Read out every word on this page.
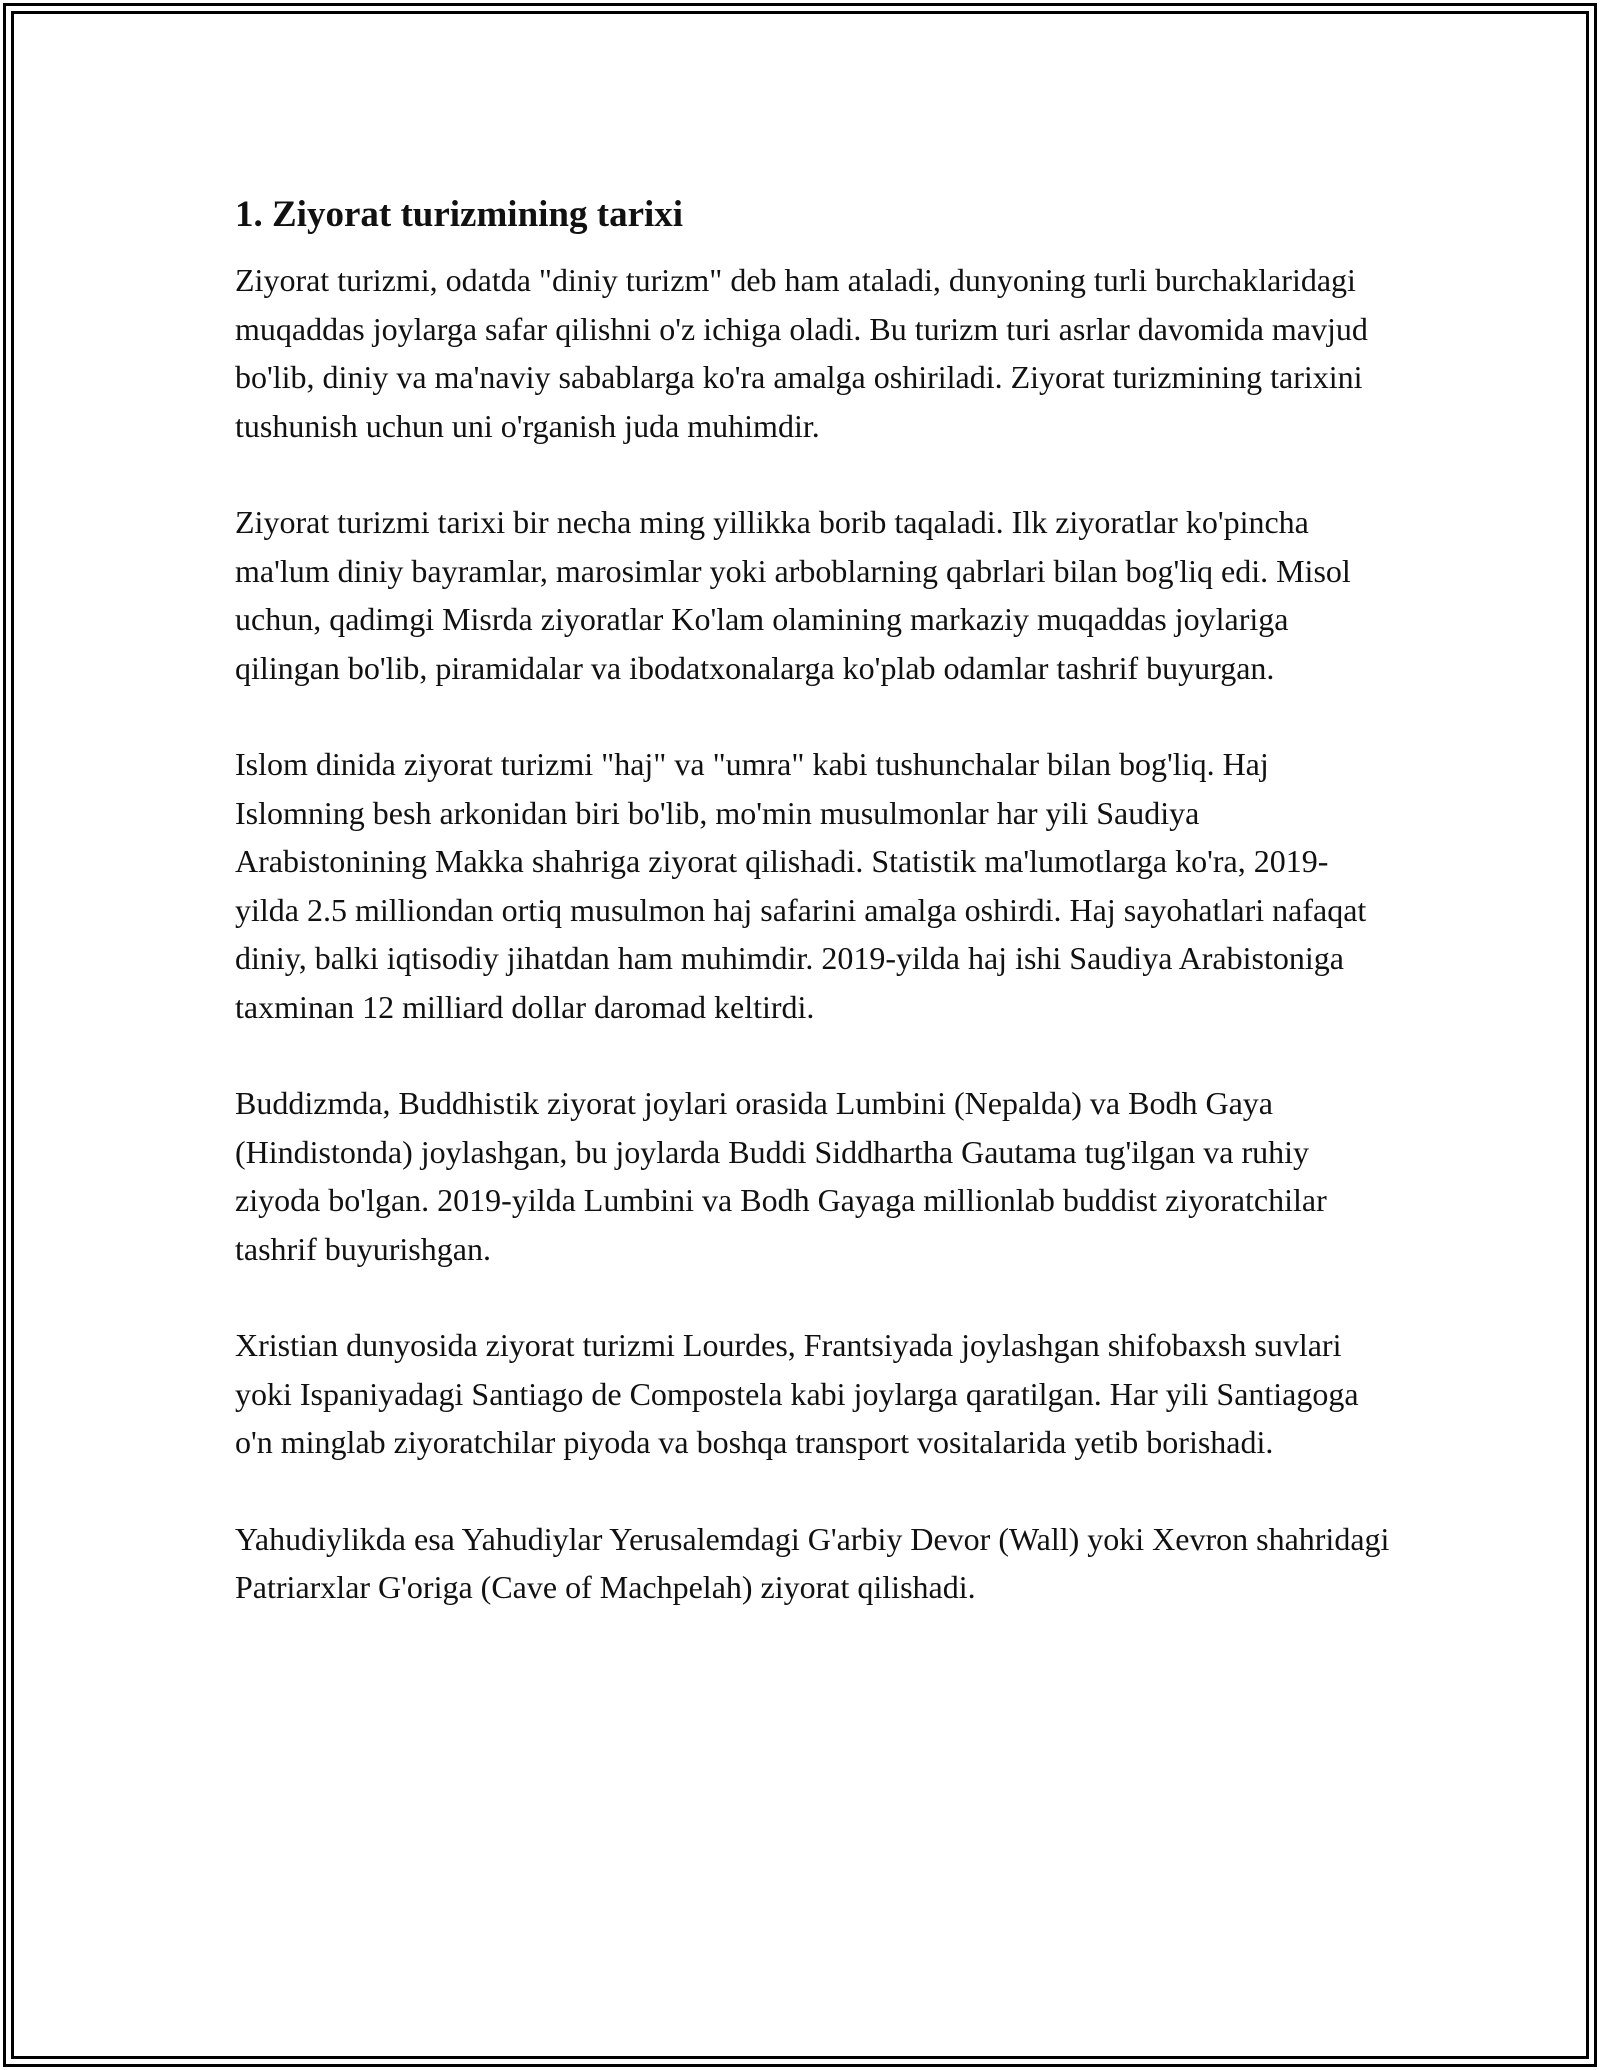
1. Ziyorat turizmining tarixi

Ziyorat turizmi, odatda "diniy turizm" deb ham ataladi, dunyoning turli burchaklaridagi muqaddas joylarga safar qilishni o'z ichiga oladi. Bu turizm turi asrlar davomida mavjud bo'lib, diniy va ma'naviy sabablarga ko'ra amalga oshiriladi. Ziyorat turizmining tarixini tushunish uchun uni o'rganish juda muhimdir.

Ziyorat turizmi tarixi bir necha ming yillikka borib taqaladi. Ilk ziyoratlar ko'pincha ma'lum diniy bayramlar, marosimlar yoki arboblarning qabrlari bilan bog'liq edi. Misol uchun, qadimgi Misrda ziyoratlar Ko'lam olamining markaziy muqaddas joylariga qilingan bo'lib, piramidalar va ibodatxonalarga ko'plab odamlar tashrif buyurgan.

Islom dinida ziyorat turizmi "haj" va "umra" kabi tushunchalar bilan bog'liq. Haj Islomning besh arkonidan biri bo'lib, mo'min musulmonlar har yili Saudiya Arabistonining Makka shahriga ziyorat qilishadi. Statistik ma'lumotlarga ko'ra, 2019-yilda 2.5 milliondan ortiq musulmon haj safarini amalga oshirdi. Haj sayohatlari nafaqat diniy, balki iqtisodiy jihatdan ham muhimdir. 2019-yilda haj ishi Saudiya Arabistoniga taxminan 12 milliard dollar daromad keltirdi.

Buddizmda, Buddhistik ziyorat joylari orasida Lumbini (Nepalda) va Bodh Gaya (Hindistonda) joylashgan, bu joylarda Buddi Siddhartha Gautama tug'ilgan va ruhiy ziyoda bo'lgan. 2019-yilda Lumbini va Bodh Gayaga millionlab buddist ziyoratchilar tashrif buyurishgan.

Xristian dunyosida ziyorat turizmi Lourdes, Frantsiyada joylashgan shifobaxsh suvlari yoki Ispaniyadagi Santiago de Compostela kabi joylarga qaratilgan. Har yili Santiagoga o'n minglab ziyoratchilar piyoda va boshqa transport vositalarida yetib borishadi.

Yahudiylikda esa Yahudiylar Yerusalemdagi G'arbiy Devor (Wall) yoki Xevron shahridagi Patriarxlar G'origa (Cave of Machpelah) ziyorat qilishadi.
